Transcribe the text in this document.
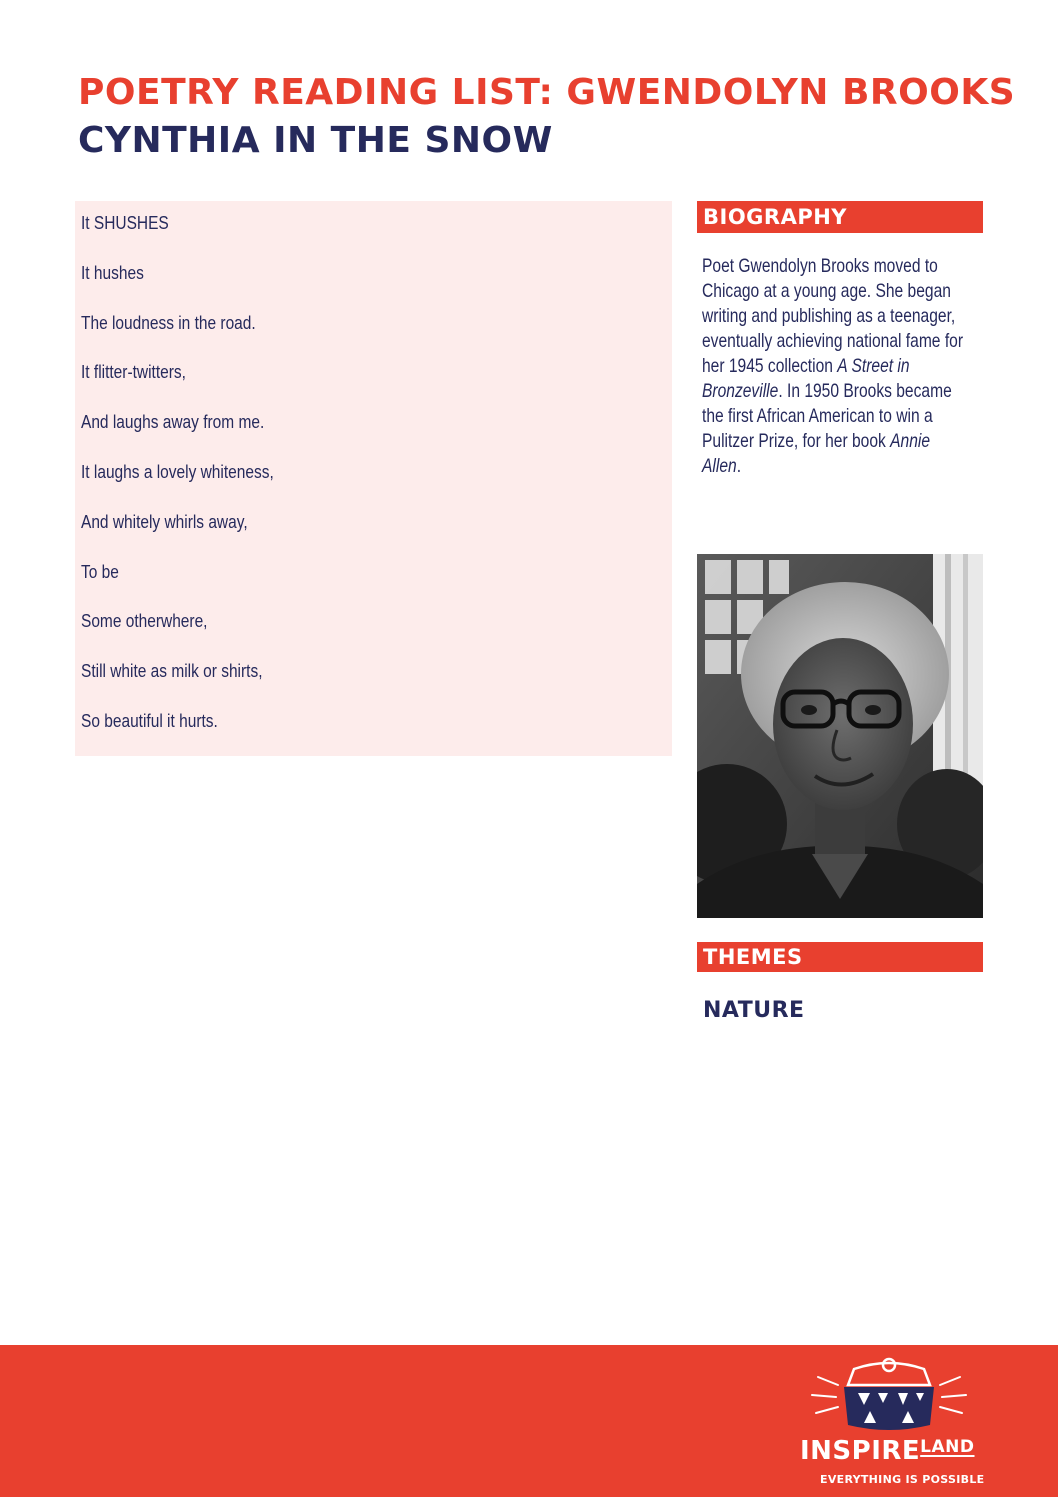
POETRY READING LIST: GWENDOLYN BROOKS
CYNTHIA IN THE SNOW

It SHUSHES

It hushes

The loudness in the road.

It flitter-twitters,

And laughs away from me.

It laughs a lovely whiteness,

And whitely whirls away,

To be

Some otherwhere,

Still white as milk or shirts,

So beautiful it hurts.

BIOGRAPHY

Poet Gwendolyn Brooks moved to Chicago at a young age. She began writing and publishing as a teenager, eventually achieving national fame for her 1945 collection A Street in Bronzeville. In 1950 Brooks became the first African American to win a Pulitzer Prize, for her book Annie Allen.

THEMES

NATURE

$INSPIRE^{LAND}$

EVERYTHING IS POSSIBLE
